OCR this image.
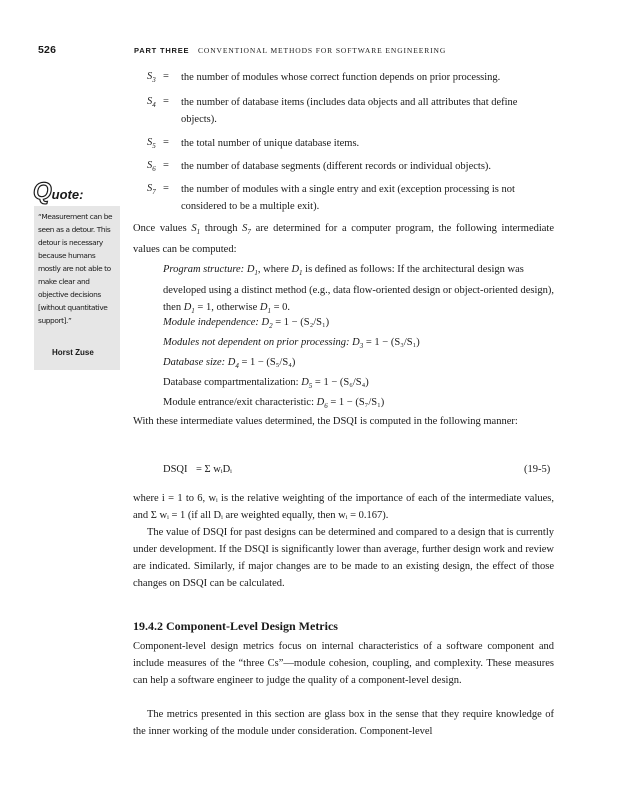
526	PART THREE CONVENTIONAL METHODS FOR SOFTWARE ENGINEERING
$S_3$ = the number of modules whose correct function depends on prior processing.
$S_4$ = the number of database items (includes data objects and all attributes that define objects).
$S_5$ = the total number of unique database items.
$S_6$ = the number of database segments (different records or individual objects).
$S_7$ = the number of modules with a single entry and exit (exception processing is not considered to be a multiple exit).
Quote:
“Measurement can be seen as a detour. This detour is necessary because humans mostly are not able to make clear and objective decisions [without quantitative support].”
Horst Zuse
Once values $S_1$ through $S_7$ are determined for a computer program, the following intermediate values can be computed:
Program structure: $D_1$, where $D_1$ is defined as follows: If the architectural design was developed using a distinct method (e.g., data flow-oriented design or object-oriented design), then $D_1 = 1$, otherwise $D_1 = 0$.
Module independence: $D_2 = 1 - (S_2/S_1)$
Modules not dependent on prior processing: $D_3 = 1 - (S_3/S_1)$
Database size: $D_4 = 1 - (S_5/S_4)$
Database compartmentalization: $D_5 = 1 - (S_6/S_4)$
Module entrance/exit characteristic: $D_6 = 1 - (S_7/S_1)$
With these intermediate values determined, the DSQI is computed in the following manner:
DSQI = Σ wᵢDᵢ	(19-5)
where i = 1 to 6, wᵢ is the relative weighting of the importance of each of the intermediate values, and Σ wᵢ = 1 (if all Dᵢ are weighted equally, then wᵢ = 0.167).
The value of DSQI for past designs can be determined and compared to a design that is currently under development. If the DSQI is significantly lower than average, further design work and review are indicated. Similarly, if major changes are to be made to an existing design, the effect of those changes on DSQI can be calculated.
19.4.2 Component-Level Design Metrics
Component-level design metrics focus on internal characteristics of a software component and include measures of the “three Cs”—module cohesion, coupling, and complexity. These measures can help a software engineer to judge the quality of a component-level design.
The metrics presented in this section are glass box in the sense that they require knowledge of the inner working of the module under consideration. Component-level
